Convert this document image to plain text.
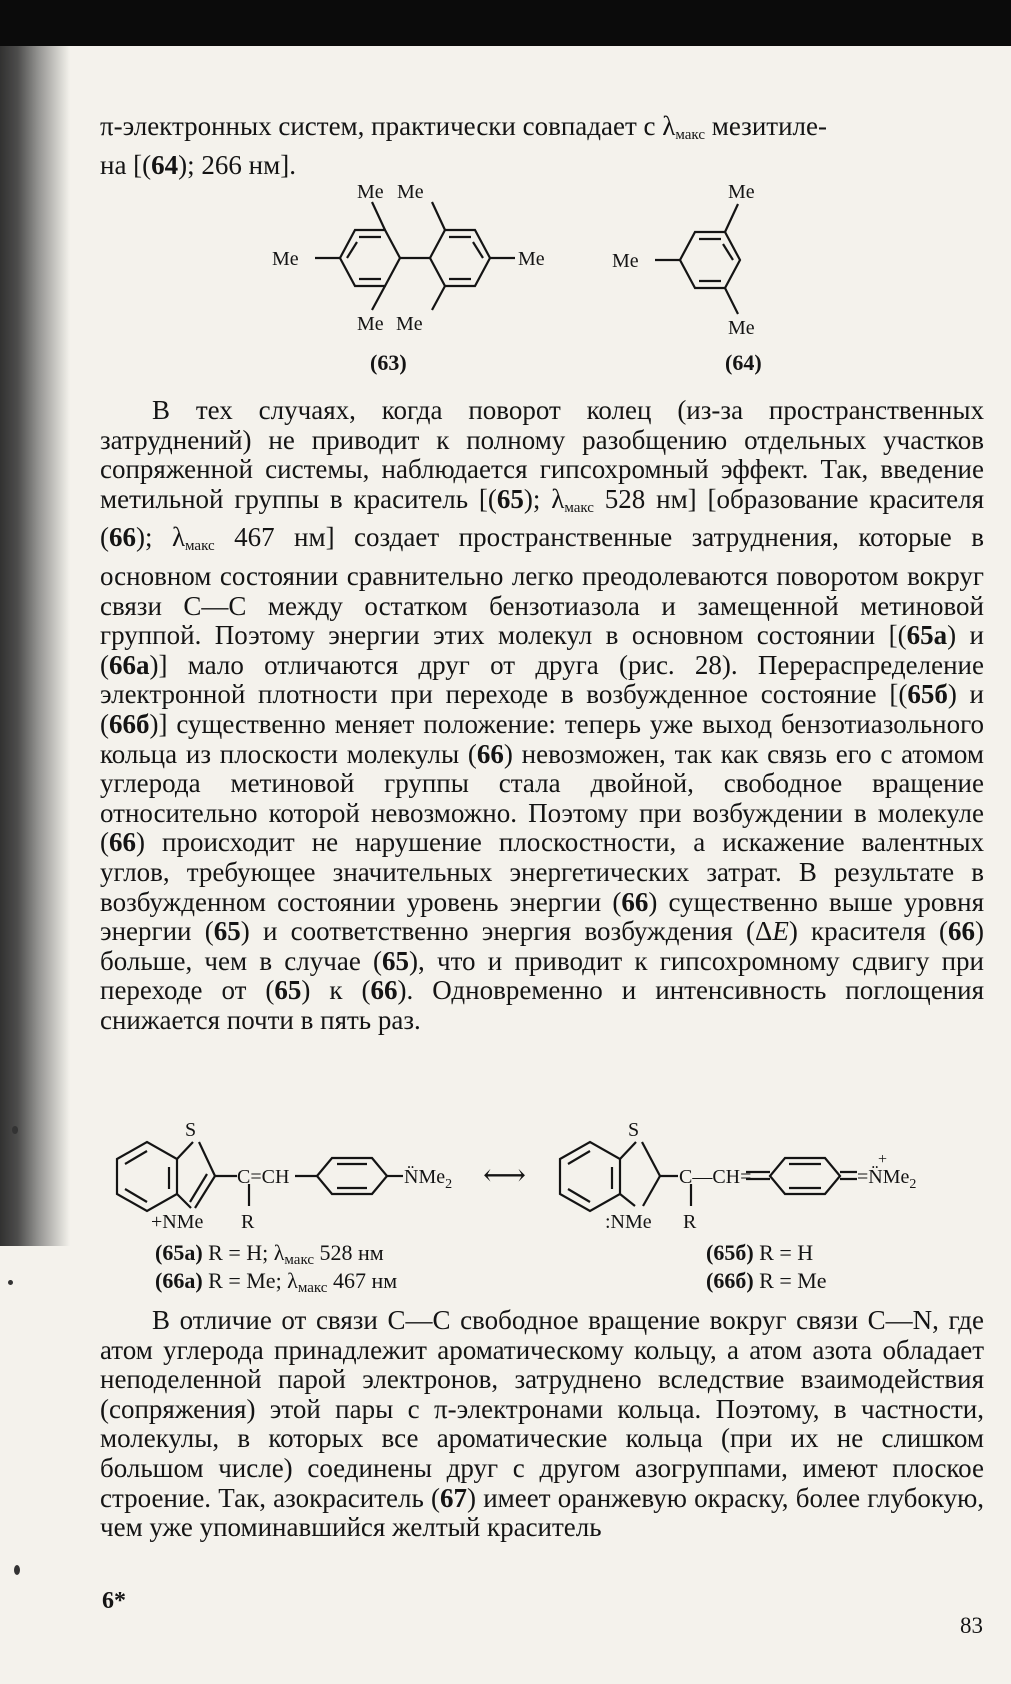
π-электронных систем, практически совпадает с $\lambda_{макс}$ мезитиле-
на [(64); 266 нм].

Me Me
Me	Me
Me Me
(63)
Me
Me
Me
(64)

В тех случаях, когда поворот колец (из-за пространственных затруднений) не приводит к полному разобщению отдельных участков сопряженной системы, наблюдается гипсохромный эффект. Так, введение метильной группы в краситель [(65); $\lambda_{макс}$ 528 нм] [образование красителя (66); $\lambda_{макс}$ 467 нм] создает пространственные затруднения, которые в основном состоянии сравнительно легко преодолеваются поворотом вокруг связи С—С между остатком бензотиазола и замещенной метиновой группой. Поэтому энергии этих молекул в основном состоянии [(65а) и (66а)] мало отличаются друг от друга (рис. 28). Перераспределение электронной плотности при переходе в возбужденное состояние [(65б) и (66б)] существенно меняет положение: теперь уже выход бензотиазольного кольца из плоскости молекулы (66) невозможен, так как связь его с атомом углерода метиновой группы стала двойной, свободное вращение относительно которой невозможно. Поэтому при возбуждении в молекуле (66) происходит не нарушение плоскостности, а искажение валентных углов, требующее значительных энергетических затрат. В результате в возбужденном состоянии уровень энергии (66) существенно выше уровня энергии (65) и соответственно энергия возбуждения (ΔE) красителя (66) больше, чем в случае (65), что и приводит к гипсохромному сдвигу при переходе от (65) к (66). Одновременно и интенсивность поглощения снижается почти в пять раз.

S
C=CH
R
+NMe
$N̈Me_2$ ⟷
S
C—CH=
R
:NMe
$=N̈Me_2$
+
(65а) R = H; $\lambda_{макс}$ 528 нм
(66а) R = Me; $\lambda_{макс}$ 467 нм
(65б) R = H
(66б) R = Me

В отличие от связи С—С свободное вращение вокруг связи C—N, где атом углерода принадлежит ароматическому кольцу, а атом азота обладает неподеленной парой электронов, затруднено вследствие взаимодействия (сопряжения) этой пары с π-электронами кольца. Поэтому, в частности, молекулы, в которых все ароматические кольца (при их не слишком большом числе) соединены друг с другом азогруппами, имеют плоское строение. Так, азокраситель (67) имеет оранжевую окраску, более глубокую, чем уже упоминавшийся желтый краситель

6*
83
